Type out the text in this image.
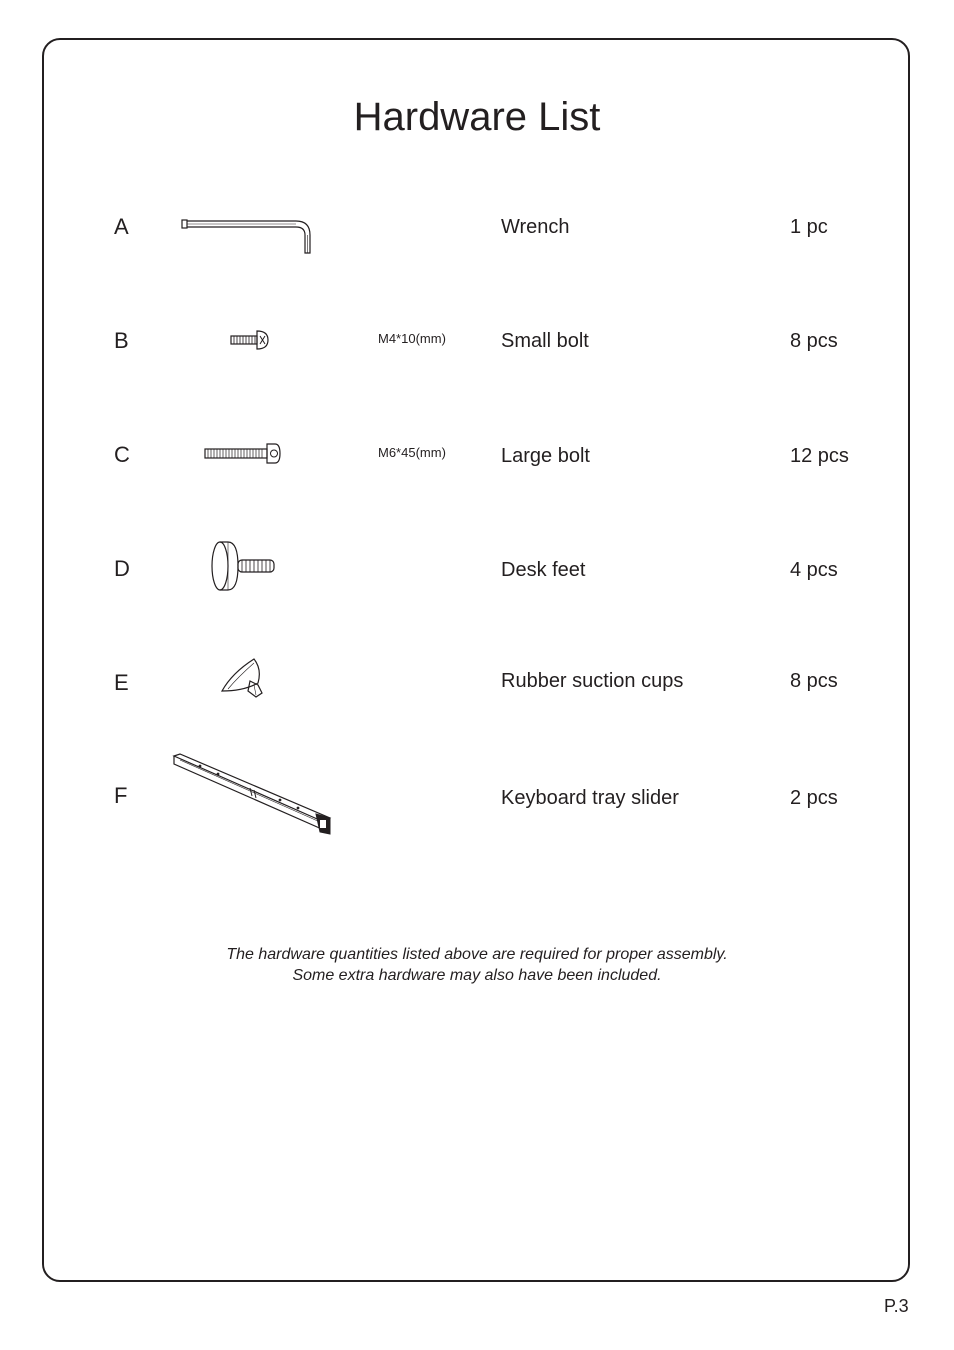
Hardware List
A	Wrench	1 pc
B	M4*10(mm)	Small bolt	8 pcs
C	M6*45(mm)	Large bolt	12 pcs
D	Desk feet	4 pcs
E	Rubber suction cups	8 pcs
F	Keyboard tray slider	2 pcs
The hardware quantities listed above are required for proper assembly.
Some extra hardware may also have been included.
P.3
